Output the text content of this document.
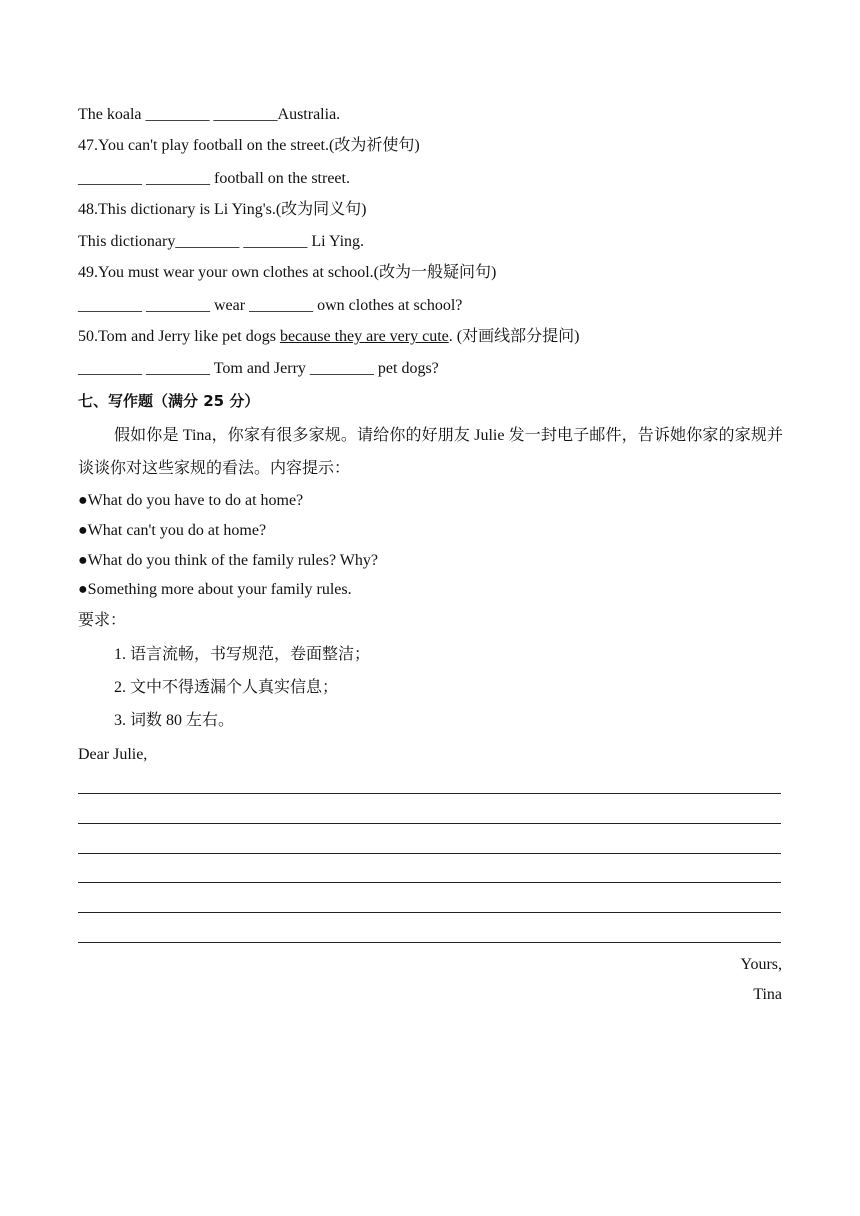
The koala ________ ________Australia.
47.You can't play football on the street.(改为祈使句)
________ ________ football on the street.
48.This dictionary is Li Ying's.(改为同义句)
This dictionary________ ________ Li Ying.
49.You must wear your own clothes at school.(改为一般疑问句)
________ ________ wear ________ own clothes at school?
50.Tom and Jerry like pet dogs because they are very cute. (对画线部分提问)
________ ________ Tom and Jerry ________ pet dogs?
七、写作题（满分 25 分）
假如你是 Tina，你家有很多家规。请给你的好朋友 Julie 发一封电子邮件，告诉她你家的家规并谈谈你对这些家规的看法。内容提示：
●What do you have to do at home?
●What can't you do at home?
●What do you think of the family rules? Why?
●Something more about your family rules.
要求：
1. 语言流畅，书写规范，卷面整洁；
2. 文中不得透漏个人真实信息；
3. 词数 80 左右。
Dear Julie,
Yours,
Tina
